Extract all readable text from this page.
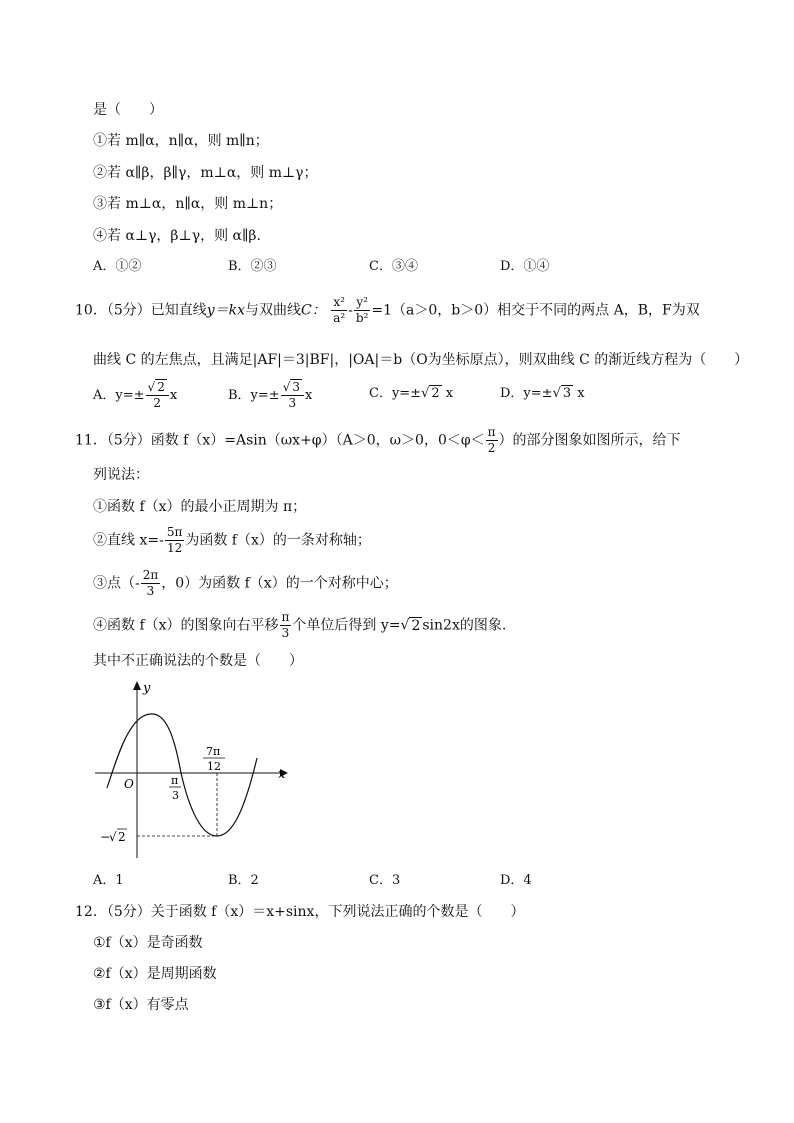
是（　　）
①若 m∥α，n∥α，则 m∥n；
②若 α∥β，β∥γ，m⊥α，则 m⊥γ；
③若 m⊥α，n∥α，则 m⊥n；
④若 α⊥γ，β⊥γ，则 α∥β.
A．①②	B．②③	C．③④	D．①④
10．（5分）已知直线y＝kx与双曲线C： $\frac{\text{x²}}{\text{a²}} - \frac{\text{y²}}{\text{b²}} =1(a>0$，b＞0）相交于不同的两点 A，B，F为双
曲线 C 的左焦点，且满足|AF|＝3|BF|，|OA|＝b（O为坐标原点），则双曲线 C 的渐近线方程为（　　）
A．$y=\pm \frac{√ 2}{2}$ x	B．$y=\pm \frac{√ 3}{3}$ x	C．y=±√ 2 x	D．y=±√ 3 x
11．（5分）函数 f（x）=Asin（ωx+φ）（A＞0，ω＞0，$0<\varphi< \frac{\pi}{2}$ ）的部分图象如图所示，给下
列说法：
①函数 f（x）的最小正周期为 π；
②直线 $x=- \frac{5\pi}{12}$ 为函数 f（x）的一条对称轴；
③点（- $\frac{2\pi}{3}$ ，0）为函数 f（x）的一个对称中心；
④函数 f（x）的图象向右平移 $\frac{\pi}{3}$ 个单位后得到 y=√ 2 sin2x的图象.
其中不正确说法的个数是（　　）
y
x
O	π
3
7π
12
−
√ 2
A．1	B．2	C．3	D．4
12．（5分）关于函数 f（x）＝x+sinx，下列说法正确的个数是（　　）
①f（x）是奇函数
②f（x）是周期函数
③f（x）有零点
